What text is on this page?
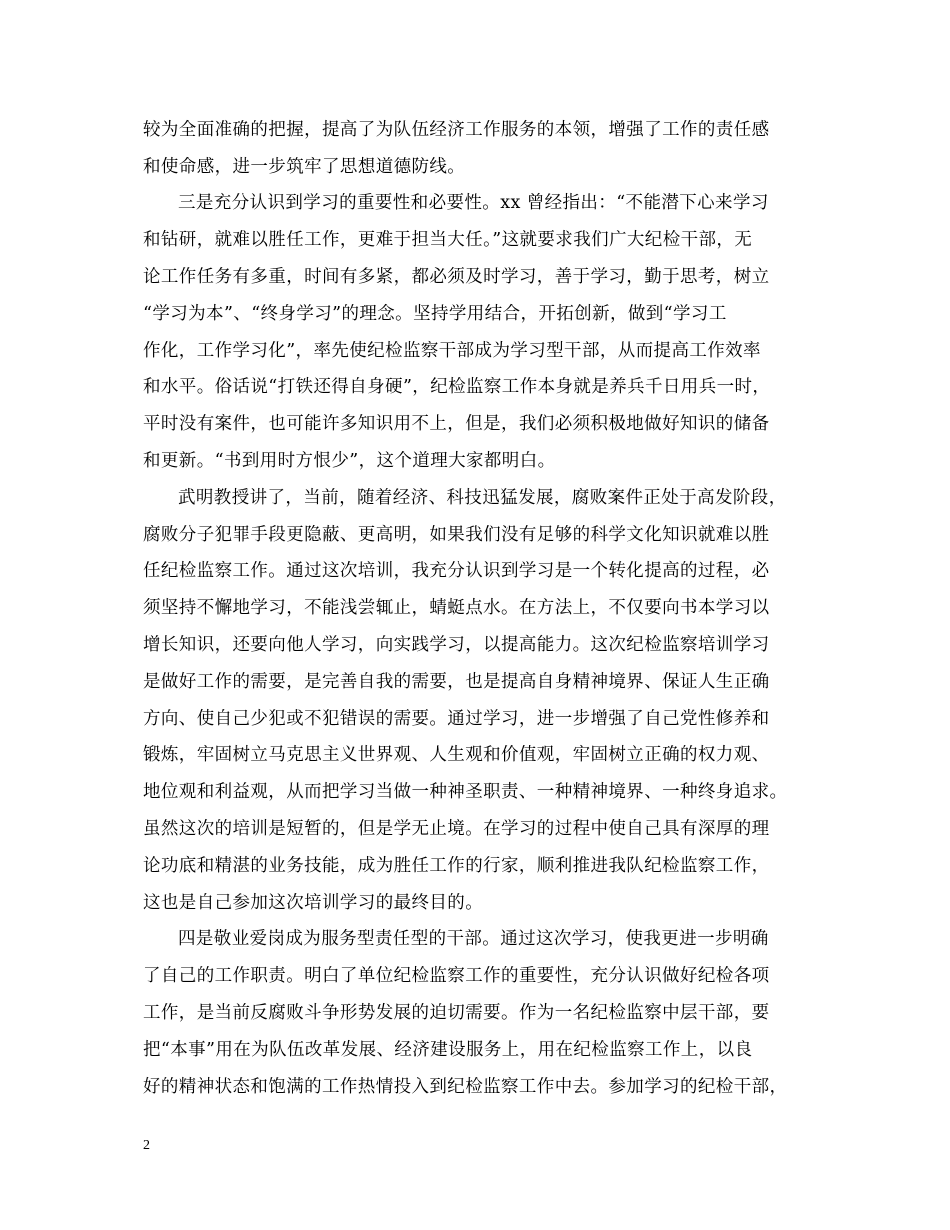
较为全面准确的把握，提高了为队伍经济工作服务的本领，增强了工作的责任感
和使命感，进一步筑牢了思想道德防线。
三是充分认识到学习的重要性和必要性。xx 曾经指出：“不能潜下心来学习
和钻研，就难以胜任工作，更难于担当大任。”这就要求我们广大纪检干部，无
论工作任务有多重，时间有多紧，都必须及时学习，善于学习，勤于思考，树立
“学习为本”、“终身学习”的理念。坚持学用结合，开拓创新，做到“学习工
作化，工作学习化”，率先使纪检监察干部成为学习型干部，从而提高工作效率
和水平。俗话说“打铁还得自身硬”，纪检监察工作本身就是养兵千日用兵一时，
平时没有案件，也可能许多知识用不上，但是，我们必须积极地做好知识的储备
和更新。“书到用时方恨少”，这个道理大家都明白。
武明教授讲了，当前，随着经济、科技迅猛发展，腐败案件正处于高发阶段，
腐败分子犯罪手段更隐蔽、更高明，如果我们没有足够的科学文化知识就难以胜
任纪检监察工作。通过这次培训，我充分认识到学习是一个转化提高的过程，必
须坚持不懈地学习，不能浅尝辄止，蜻蜓点水。在方法上，不仅要向书本学习以
增长知识，还要向他人学习，向实践学习，以提高能力。这次纪检监察培训学习
是做好工作的需要，是完善自我的需要，也是提高自身精神境界、保证人生正确
方向、使自己少犯或不犯错误的需要。通过学习，进一步增强了自己党性修养和
锻炼，牢固树立马克思主义世界观、人生观和价值观，牢固树立正确的权力观、
地位观和利益观，从而把学习当做一种神圣职责、一种精神境界、一种终身追求。
虽然这次的培训是短暂的，但是学无止境。在学习的过程中使自己具有深厚的理
论功底和精湛的业务技能，成为胜任工作的行家，顺利推进我队纪检监察工作，
这也是自己参加这次培训学习的最终目的。
四是敬业爱岗成为服务型责任型的干部。通过这次学习，使我更进一步明确
了自己的工作职责。明白了单位纪检监察工作的重要性，充分认识做好纪检各项
工作，是当前反腐败斗争形势发展的迫切需要。作为一名纪检监察中层干部，要
把“本事”用在为队伍改革发展、经济建设服务上，用在纪检监察工作上，以良
好的精神状态和饱满的工作热情投入到纪检监察工作中去。参加学习的纪检干部，
2
